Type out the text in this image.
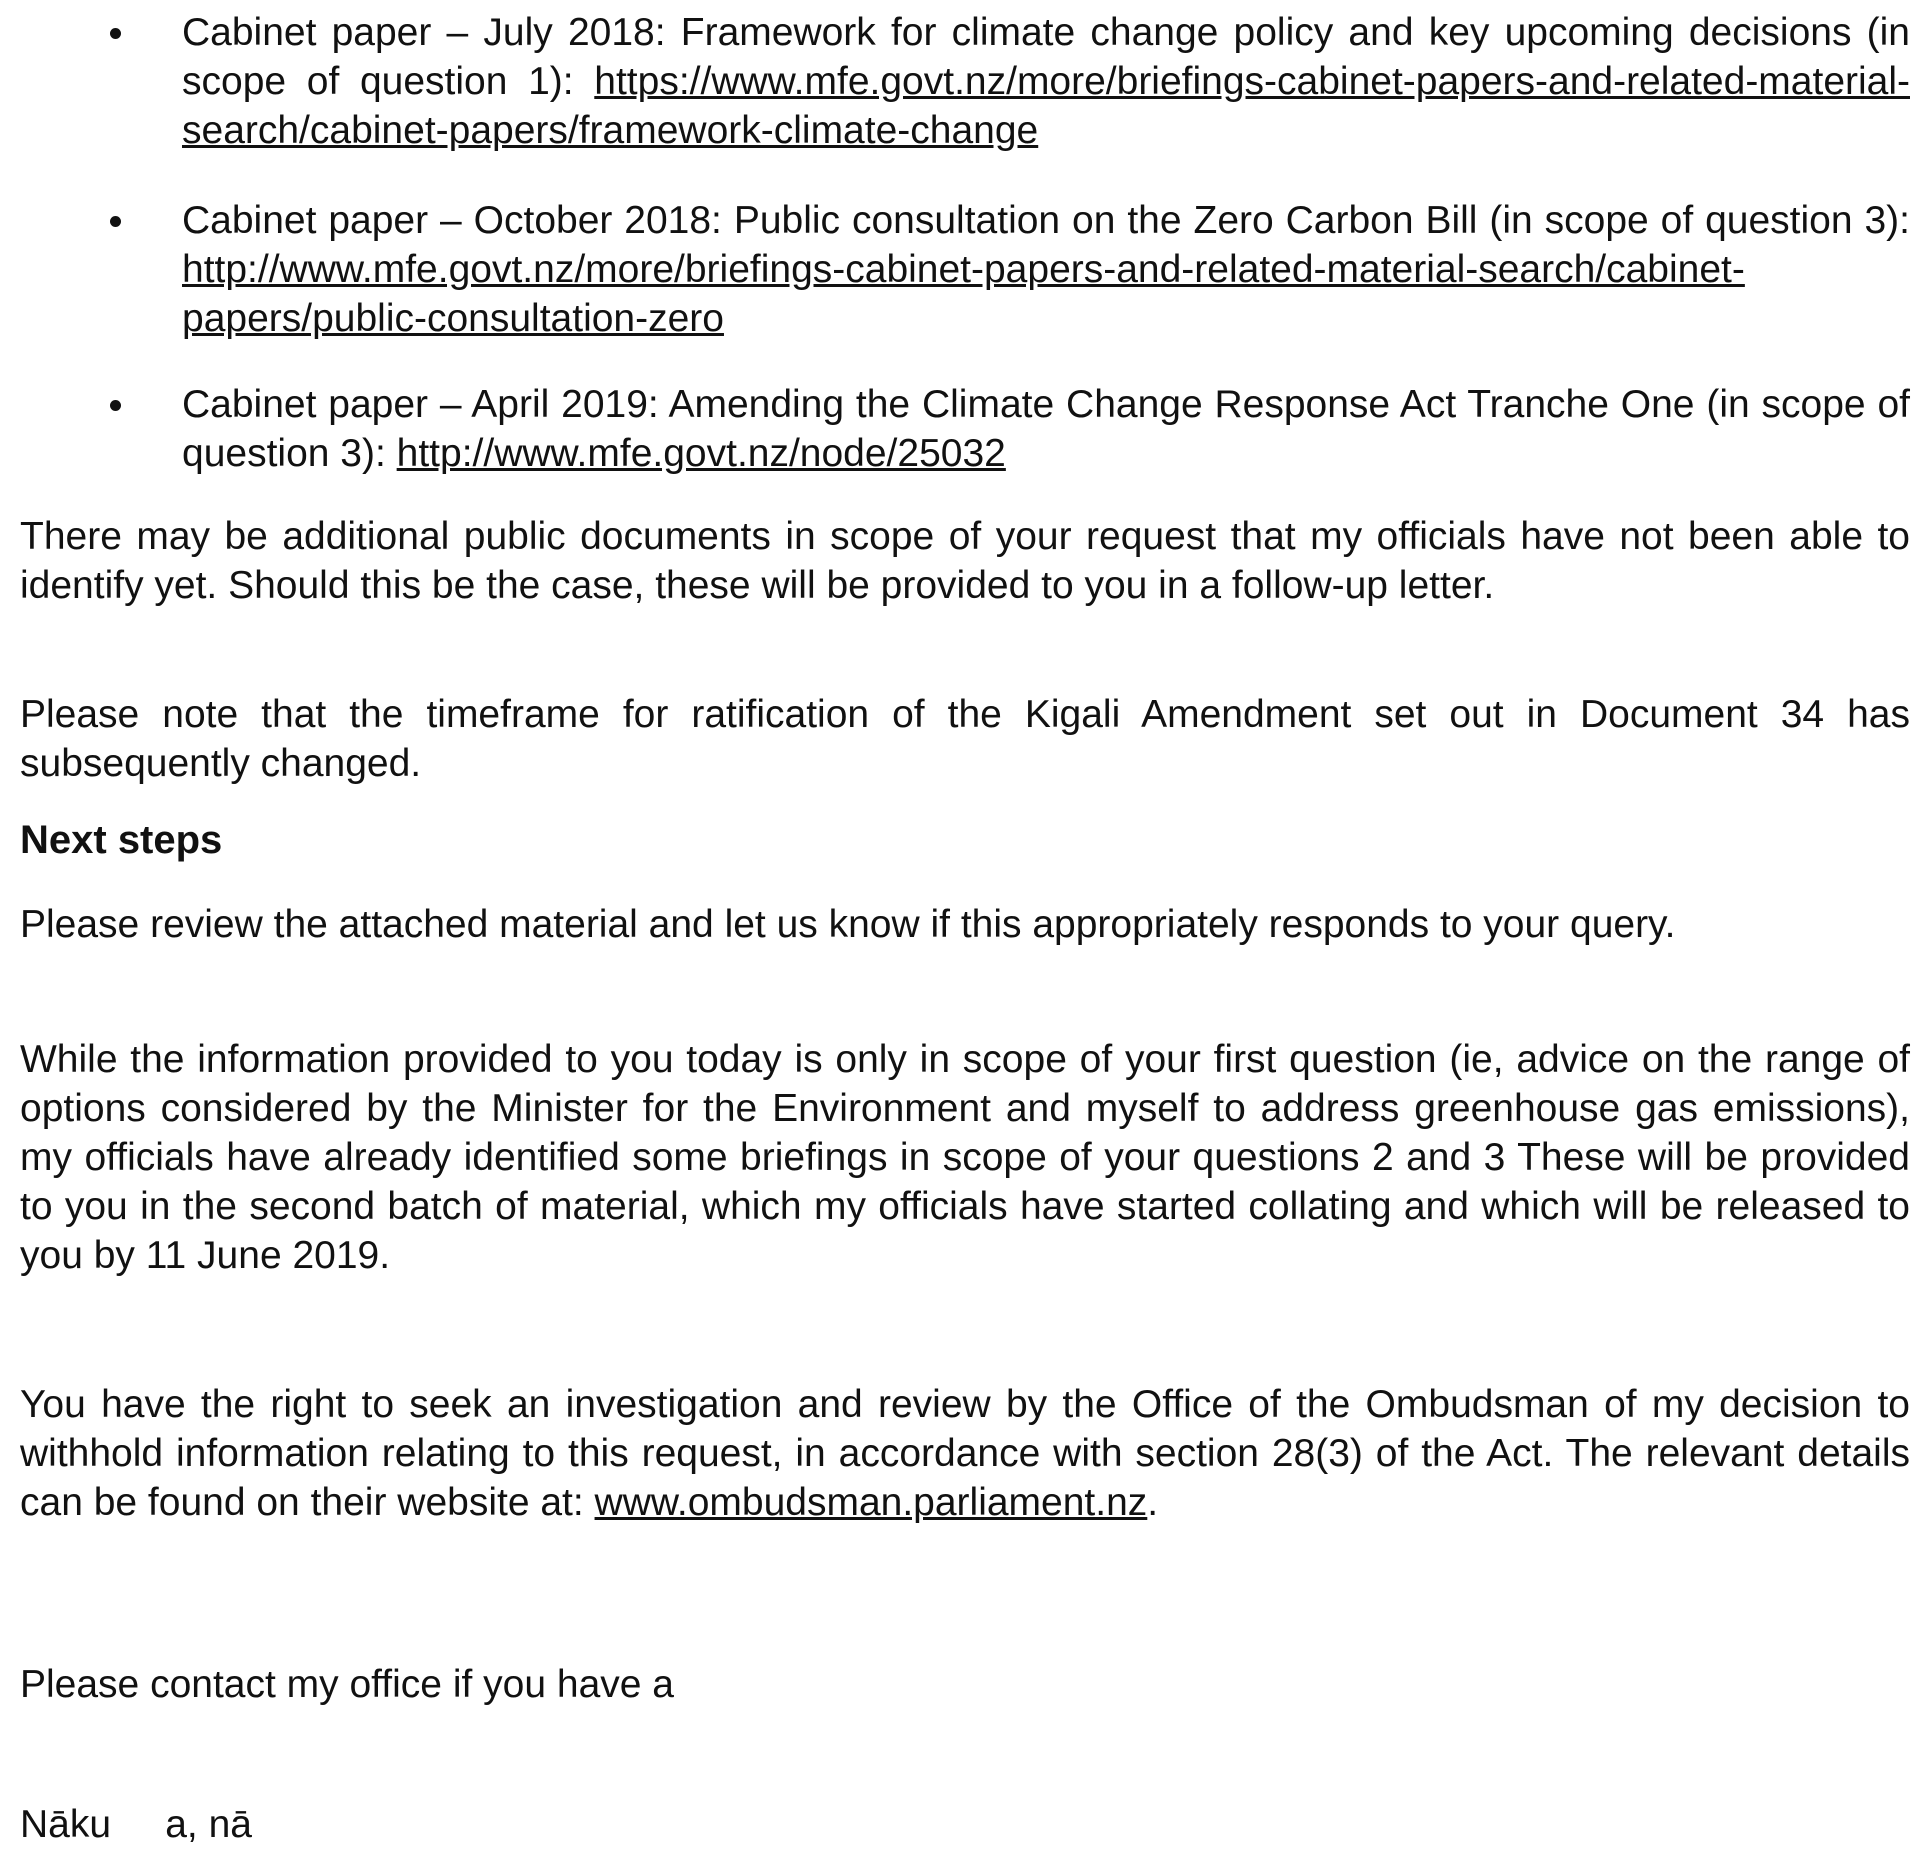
Cabinet paper – July 2018: Framework for climate change policy and key upcoming decisions (in scope of question 1): https://www.mfe.govt.nz/more/briefings-cabinet-papers-and-related-material-search/cabinet-papers/framework-climate-change
Cabinet paper – October 2018: Public consultation on the Zero Carbon Bill (in scope of question 3): http://www.mfe.govt.nz/more/briefings-cabinet-papers-and-related-material-search/cabinet-papers/public-consultation-zero
Cabinet paper – April 2019: Amending the Climate Change Response Act Tranche One (in scope of question 3): http://www.mfe.govt.nz/node/25032

There may be additional public documents in scope of your request that my officials have not been able to identify yet. Should this be the case, these will be provided to you in a follow-up letter.

Please note that the timeframe for ratification of the Kigali Amendment set out in Document 34 has subsequently changed.

Next steps

Please review the attached material and let us know if this appropriately responds to your query.

While the information provided to you today is only in scope of your first question (ie, advice on the range of options considered by the Minister for the Environment and myself to address greenhouse gas emissions), my officials have already identified some briefings in scope of your questions 2 and 3 These will be provided to you in the second batch of material, which my officials have started collating and which will be released to you by 11 June 2019.

You have the right to seek an investigation and review by the Office of the Ombudsman of my decision to withhold information relating to this request, in accordance with section 28(3) of the Act. The relevant details can be found on their website at: www.ombudsman.parliament.nz.

Please contact my office if you have a

Nāku     a, nā
